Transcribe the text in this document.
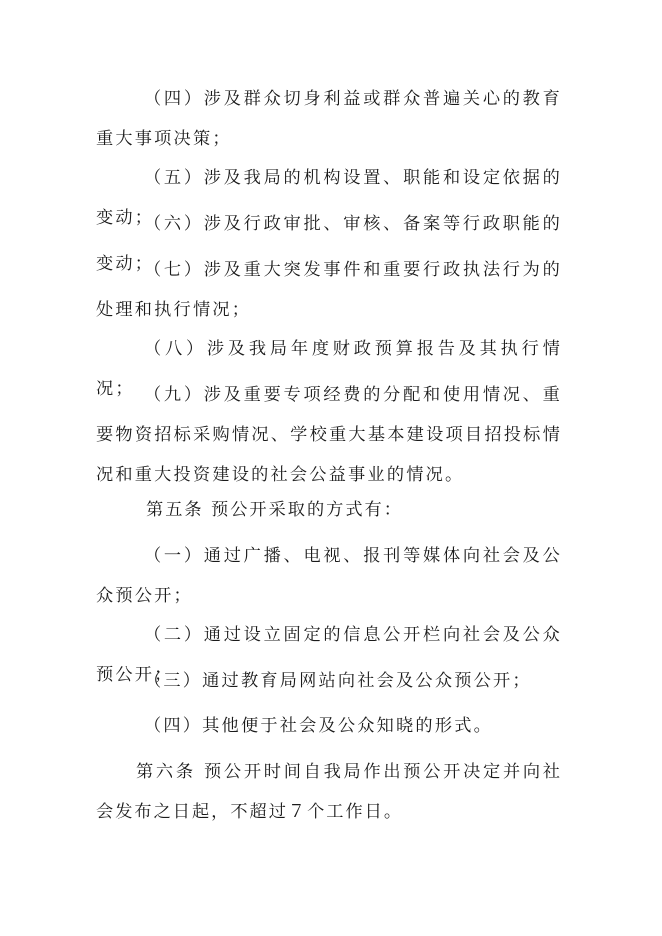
（四）涉及群众切身利益或群众普遍关心的教育重大事项决策；

（五）涉及我局的机构设置、职能和设定依据的变动；

（六）涉及行政审批、审核、备案等行政职能的变动；

（七）涉及重大突发事件和重要行政执法行为的处理和执行情况；

（八）涉及我局年度财政预算报告及其执行情况； （九）涉及重要专项经费的分配和使用情况、重要物资招标采购情况、学校重大基本建设项目招投标情况和重大投资建设的社会公益事业的情况。

第五条 预公开采取的方式有：

（一）通过广播、电视、报刊等媒体向社会及公众预公开；

（二）通过设立固定的信息公开栏向社会及公众预公开；

（三）通过教育局网站向社会及公众预公开；

（四）其他便于社会及公众知晓的形式。

第六条 预公开时间自我局作出预公开决定并向社会发布之日起，不超过７个工作日。
